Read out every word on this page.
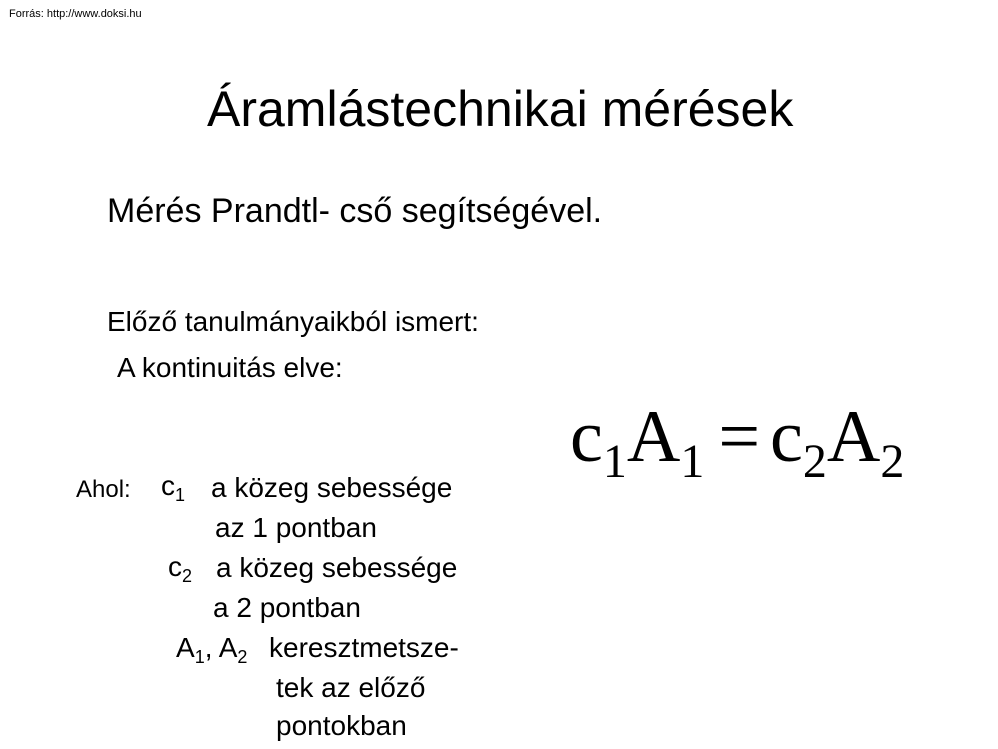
Forrás: http://www.doksi.hu
Áramlástechnikai mérések
Mérés Prandtl- cső segítségével.
Előző tanulmányaikból ismert:
A kontinuitás elve:
$c_1A_1 = c_2A_2$
Ahol: $c_1$ a közeg sebessége
az 1 pontban
$c_2$ a közeg sebessége
a 2 pontban
$A_1$, $A_2$ keresztmetsze-
tek az előző
pontokban
